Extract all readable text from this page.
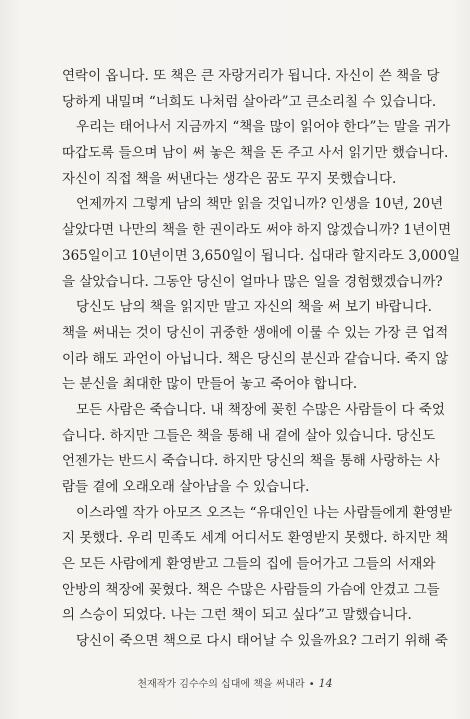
연락이 옵니다. 또 책은 큰 자랑거리가 됩니다. 자신이 쓴 책을 당
당하게 내밀며 “너희도 나처럼 살아라”고 큰소리칠 수 있습니다.
우리는 태어나서 지금까지 “책을 많이 읽어야 한다”는 말을 귀가
따갑도록 들으며 남이 써 놓은 책을 돈 주고 사서 읽기만 했습니다.
자신이 직접 책을 써낸다는 생각은 꿈도 꾸지 못했습니다.
언제까지 그렇게 남의 책만 읽을 것입니까? 인생을 10년, 20년
살았다면 나만의 책을 한 권이라도 써야 하지 않겠습니까? 1년이면
365일이고 10년이면 3,650일이 됩니다. 십대라 할지라도 3,000일
을 살았습니다. 그동안 당신이 얼마나 많은 일을 경험했겠습니까?
당신도 남의 책을 읽지만 말고 자신의 책을 써 보기 바랍니다.
책을 써내는 것이 당신이 귀중한 생애에 이룰 수 있는 가장 큰 업적
이라 해도 과언이 아닙니다. 책은 당신의 분신과 같습니다. 죽지 않
는 분신을 최대한 많이 만들어 놓고 죽어야 합니다.
모든 사람은 죽습니다. 내 책장에 꽂힌 수많은 사람들이 다 죽었
습니다. 하지만 그들은 책을 통해 내 곁에 살아 있습니다. 당신도
언젠가는 반드시 죽습니다. 하지만 당신의 책을 통해 사랑하는 사
람들 곁에 오래오래 살아남을 수 있습니다.
이스라엘 작가 아모즈 오즈는 “유대인인 나는 사람들에게 환영받
지 못했다. 우리 민족도 세계 어디서도 환영받지 못했다. 하지만 책
은 모든 사람에게 환영받고 그들의 집에 들어가고 그들의 서재와
안방의 책장에 꽂혔다. 책은 수많은 사람들의 가슴에 안겼고 그들
의 스승이 되었다. 나는 그런 책이 되고 싶다”고 말했습니다.
당신이 죽으면 책으로 다시 태어날 수 있을까요? 그러기 위해 죽
천재작가 김수수의 십대에 책을 써내라 • 14
